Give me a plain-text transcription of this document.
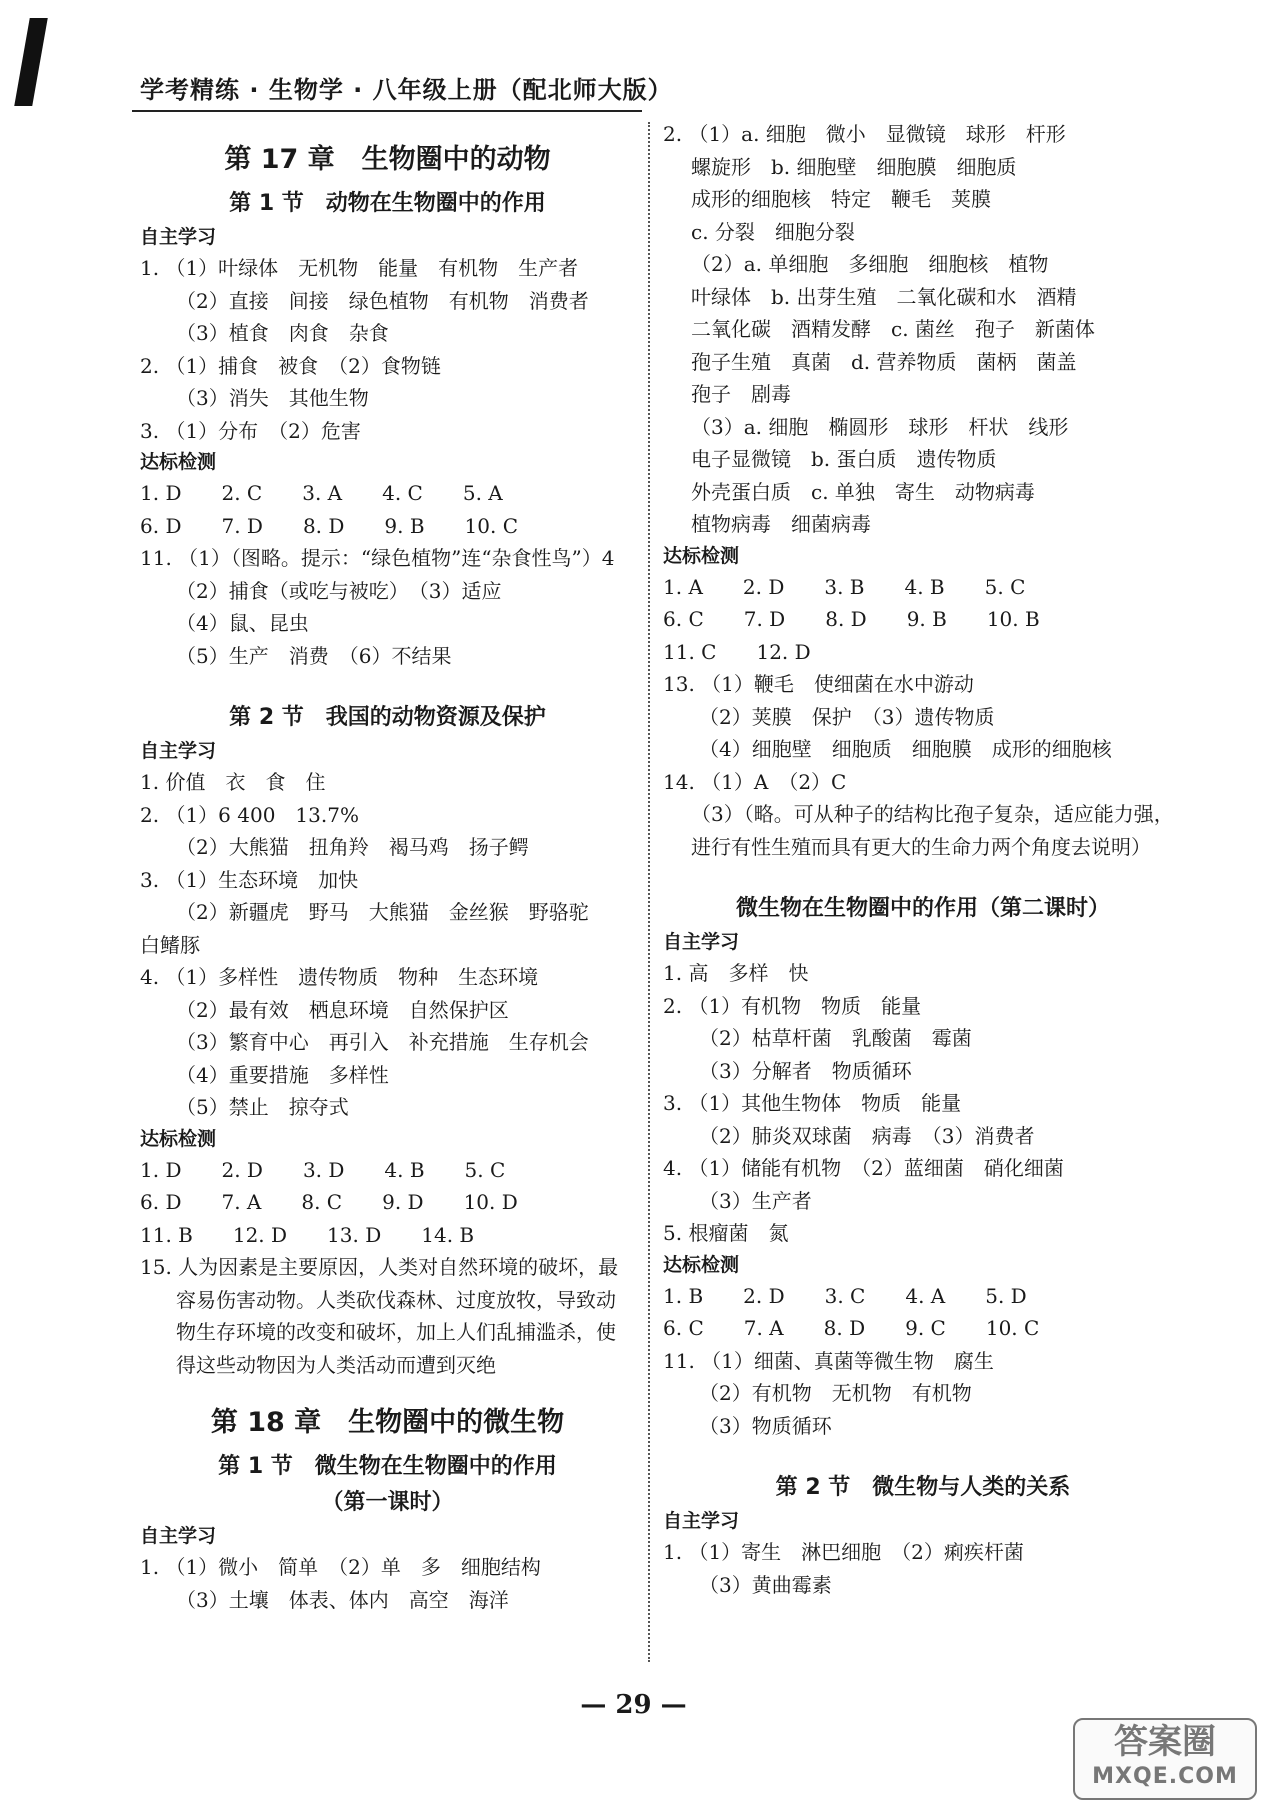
学考精练 · 生物学 · 八年级上册（配北师大版）
第 17 章　生物圈中的动物
第 1 节　动物在生物圈中的作用
自主学习
1. （1）叶绿体　无机物　能量　有机物　生产者
（2）直接　间接　绿色植物　有机物　消费者
（3）植食　肉食　杂食
2. （1）捕食　被食　（2）食物链
（3）消失　其他生物
3. （1）分布　（2）危害
达标检测
1. D　　2. C　　3. A　　4. C　　5. A
6. D　　7. D　　8. D　　9. B　　10. C
11. （1）（图略。提示：“绿色植物”连“杂食性鸟”）4
（2）捕食（或吃与被吃）　（3）适应
（4）鼠、昆虫
（5）生产　消费　（6）不结果
第 2 节　我国的动物资源及保护
自主学习
1. 价值　衣　食　住
2. （1）6 400　13.7%
（2）大熊猫　扭角羚　褐马鸡　扬子鳄
3. （1）生态环境　加快
（2）新疆虎　野马　大熊猫　金丝猴　野骆驼
白鳍豚
4. （1）多样性　遗传物质　物种　生态环境
（2）最有效　栖息环境　自然保护区
（3）繁育中心　再引入　补充措施　生存机会
（4）重要措施　多样性
（5）禁止　掠夺式
达标检测
1. D　　2. D　　3. D　　4. B　　5. C
6. D　　7. A　　8. C　　9. D　　10. D
11. B　　12. D　　13. D　　14. B
15. 人为因素是主要原因，人类对自然环境的破坏，最容易伤害动物。人类砍伐森林、过度放牧，导致动物生存环境的改变和破坏，加上人们乱捕滥杀，使得这些动物因为人类活动而遭到灭绝
第 18 章　生物圈中的微生物
第 1 节　微生物在生物圈中的作用
（第一课时）
自主学习
1. （1）微小　简单　（2）单　多　细胞结构
（3）土壤　体表、体内　高空　海洋
2. （1）a. 细胞　微小　显微镜　球形　杆形
螺旋形　b. 细胞壁　细胞膜　细胞质
成形的细胞核　特定　鞭毛　荚膜
c. 分裂　细胞分裂
（2）a. 单细胞　多细胞　细胞核　植物
叶绿体　b. 出芽生殖　二氧化碳和水　酒精
二氧化碳　酒精发酵　c. 菌丝　孢子　新菌体
孢子生殖　真菌　d. 营养物质　菌柄　菌盖
孢子　剧毒
（3）a. 细胞　椭圆形　球形　杆状　线形
电子显微镜　b. 蛋白质　遗传物质
外壳蛋白质　c. 单独　寄生　动物病毒
植物病毒　细菌病毒
达标检测
1. A　　2. D　　3. B　　4. B　　5. C
6. C　　7. D　　8. D　　9. B　　10. B
11. C　　12. D
13. （1）鞭毛　使细菌在水中游动
（2）荚膜　保护　（3）遗传物质
（4）细胞壁　细胞质　细胞膜　成形的细胞核
14. （1）A　（2）C
（3）（略。可从种子的结构比孢子复杂，适应能力强，进行有性生殖而具有更大的生命力两个角度去说明）
微生物在生物圈中的作用（第二课时）
自主学习
1. 高　多样　快
2. （1）有机物　物质　能量
（2）枯草杆菌　乳酸菌　霉菌
（3）分解者　物质循环
3. （1）其他生物体　物质　能量
（2）肺炎双球菌　病毒　（3）消费者
4. （1）储能有机物　（2）蓝细菌　硝化细菌
（3）生产者
5. 根瘤菌　氮
达标检测
1. B　　2. D　　3. C　　4. A　　5. D
6. C　　7. A　　8. D　　9. C　　10. C
11. （1）细菌、真菌等微生物　腐生
（2）有机物　无机物　有机物
（3）物质循环
第 2 节　微生物与人类的关系
自主学习
1. （1）寄生　淋巴细胞　（2）痢疾杆菌
（3）黄曲霉素
— 29 —
答案圈
MXQE.COM
